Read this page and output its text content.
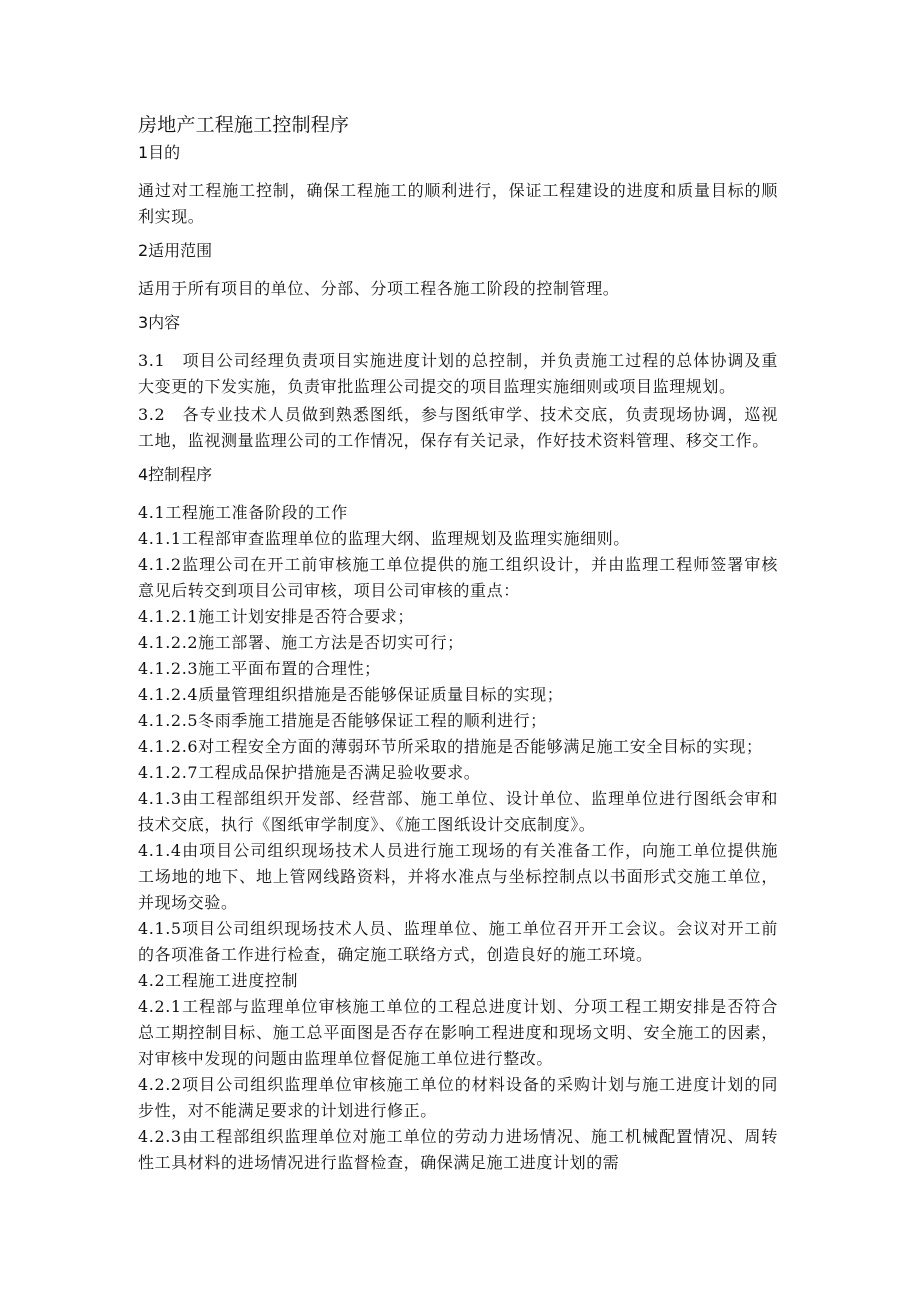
房地产工程施工控制程序

1目的

通过对工程施工控制，确保工程施工的顺利进行，保证工程建设的进度和质量目标的顺利实现。

2适用范围

适用于所有项目的单位、分部、分项工程各施工阶段的控制管理。

3内容

3.1　项目公司经理负责项目实施进度计划的总控制，并负责施工过程的总体协调及重大变更的下发实施，负责审批监理公司提交的项目监理实施细则或项目监理规划。

3.2　各专业技术人员做到熟悉图纸，参与图纸审学、技术交底，负责现场协调，巡视工地，监视测量监理公司的工作情况，保存有关记录，作好技术资料管理、移交工作。

4控制程序

4.1工程施工准备阶段的工作

4.1.1工程部审查监理单位的监理大纲、监理规划及监理实施细则。

4.1.2监理公司在开工前审核施工单位提供的施工组织设计，并由监理工程师签署审核意见后转交到项目公司审核，项目公司审核的重点：

4.1.2.1施工计划安排是否符合要求；

4.1.2.2施工部署、施工方法是否切实可行；

4.1.2.3施工平面布置的合理性；

4.1.2.4质量管理组织措施是否能够保证质量目标的实现；

4.1.2.5冬雨季施工措施是否能够保证工程的顺利进行；

4.1.2.6对工程安全方面的薄弱环节所采取的措施是否能够满足施工安全目标的实现；

4.1.2.7工程成品保护措施是否满足验收要求。

4.1.3由工程部组织开发部、经营部、施工单位、设计单位、监理单位进行图纸会审和技术交底，执行《图纸审学制度》、《施工图纸设计交底制度》。

4.1.4由项目公司组织现场技术人员进行施工现场的有关准备工作，向施工单位提供施工场地的地下、地上管网线路资料，并将水准点与坐标控制点以书面形式交施工单位，并现场交验。

4.1.5项目公司组织现场技术人员、监理单位、施工单位召开开工会议。会议对开工前的各项准备工作进行检查，确定施工联络方式，创造良好的施工环境。

4.2工程施工进度控制

4.2.1工程部与监理单位审核施工单位的工程总进度计划、分项工程工期安排是否符合总工期控制目标、施工总平面图是否存在影响工程进度和现场文明、安全施工的因素，对审核中发现的问题由监理单位督促施工单位进行整改。

4.2.2项目公司组织监理单位审核施工单位的材料设备的采购计划与施工进度计划的同步性，对不能满足要求的计划进行修正。

4.2.3由工程部组织监理单位对施工单位的劳动力进场情况、施工机械配置情况、周转性工具材料的进场情况进行监督检查，确保满足施工进度计划的需
